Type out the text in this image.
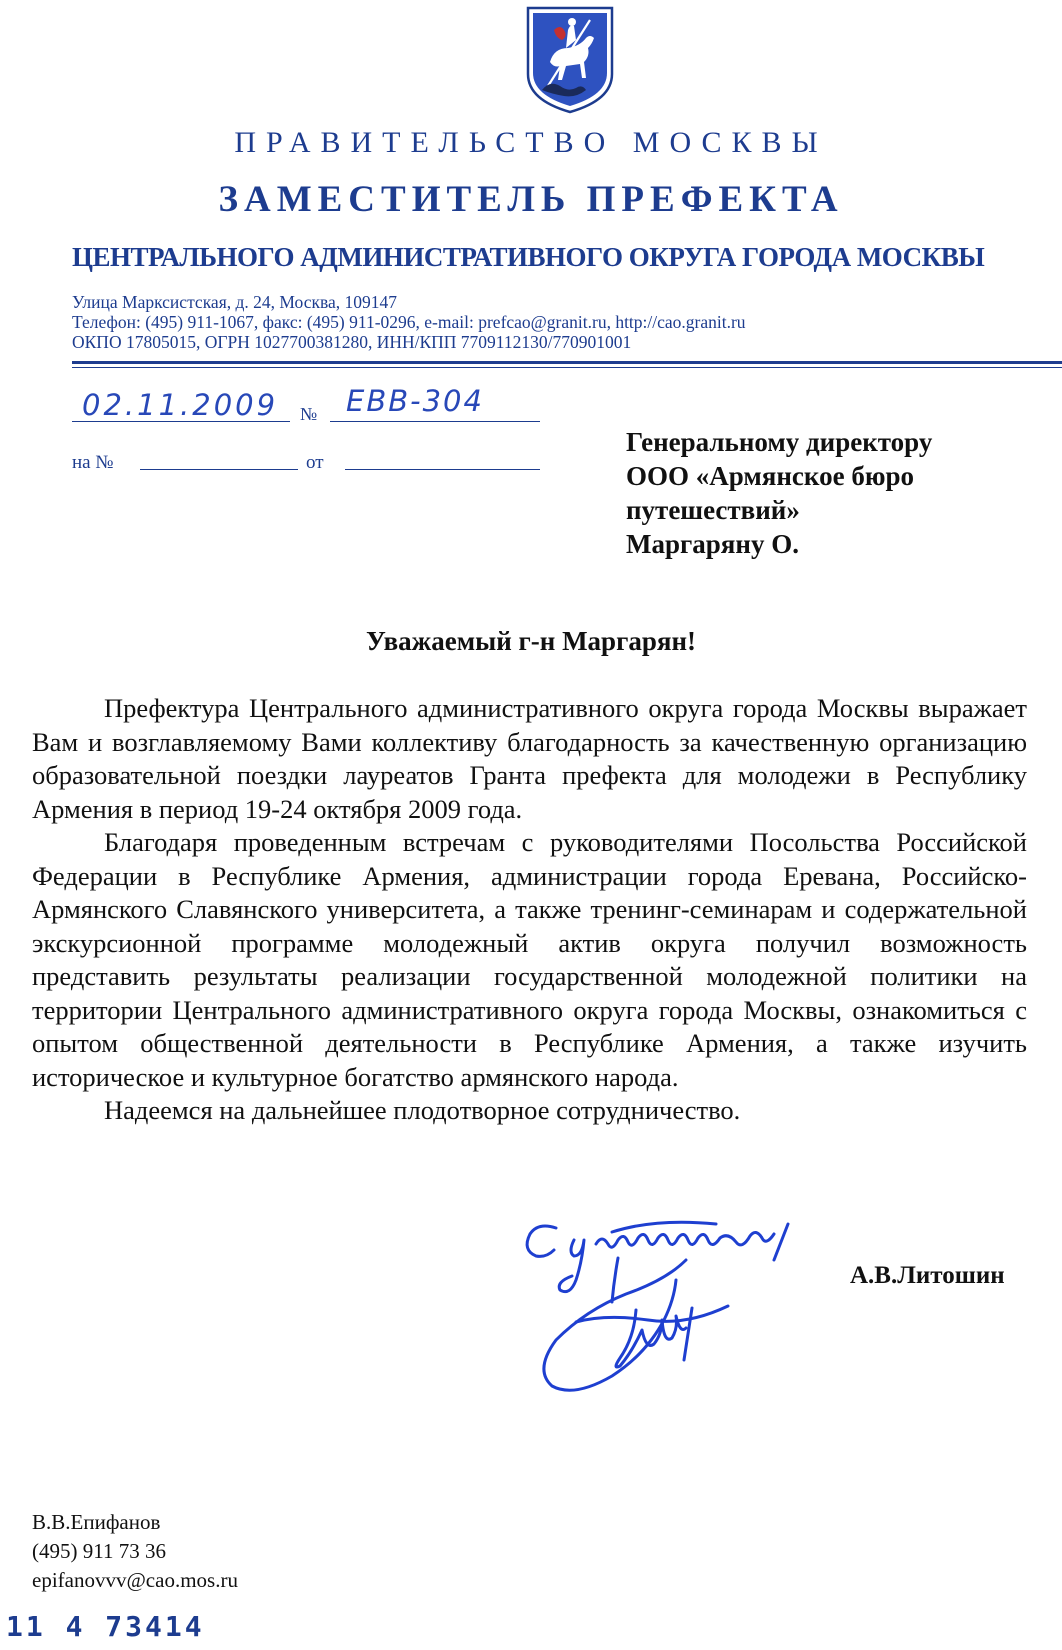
ПРАВИТЕЛЬСТВО МОСКВЫ
ЗАМЕСТИТЕЛЬ ПРЕФЕКТА
ЦЕНТРАЛЬНОГО АДМИНИСТРАТИВНОГО ОКРУГА ГОРОДА МОСКВЫ
Улица Марксистская, д. 24, Москва, 109147
Телефон: (495) 911-1067, факс: (495) 911-0296, e-mail: prefcao@granit.ru, http://cao.granit.ru
ОКПО 17805015, ОГРН 1027700381280, ИНН/КПП 7709112130/770901001
02.11.2009 № ЕВВ-304
на №	от
Генеральному директору
ООО «Армянское бюро
путешествий»
Маргаряну О.
Уважаемый г-н Маргарян!

Префектура Центрального административного округа города Москвы выражает Вам и возглавляемому Вами коллективу благодарность за качественную организацию образовательной поездки лауреатов Гранта префекта для молодежи в Республику Армения в период 19-24 октября 2009 года.

Благодаря проведенным встречам с руководителями Посольства Российской Федерации в Республике Армения, администрации города Еревана, Российско-Армянского Славянского университета, а также тренинг-семинарам и содержательной экскурсионной программе молодежный актив округа получил возможность представить результаты реализации государственной молодежной политики на территории Центрального административного округа города Москвы, ознакомиться с опытом общественной деятельности в Республике Армения, а также изучить историческое и культурное богатство армянского народа.

Надеемся на дальнейшее плодотворное сотрудничество.

А.В.Литошин
В.В.Епифанов
(495) 911 73 36
epifanovvv@cao.mos.ru
11 4 73414
